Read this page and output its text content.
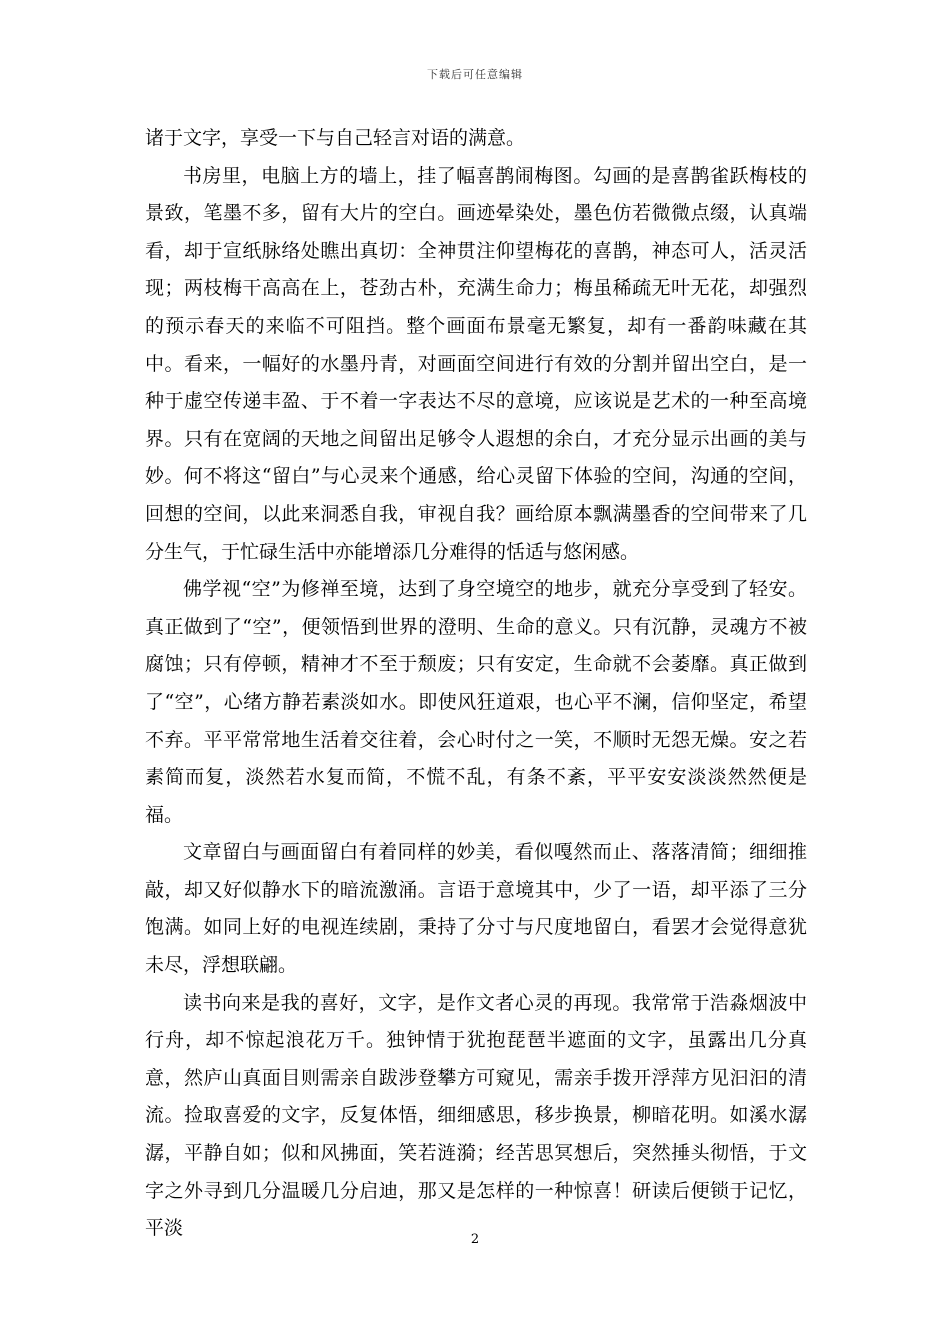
下载后可任意编辑

诸于文字，享受一下与自己轻言对语的满意。

书房里，电脑上方的墙上，挂了幅喜鹊闹梅图。勾画的是喜鹊雀跃梅枝的景致，笔墨不多，留有大片的空白。画迹晕染处，墨色仿若微微点缀，认真端看，却于宣纸脉络处瞧出真切：全神贯注仰望梅花的喜鹊，神态可人，活灵活现；两枝梅干高高在上，苍劲古朴，充满生命力；梅虽稀疏无叶无花，却强烈的预示春天的来临不可阻挡。整个画面布景毫无繁复，却有一番韵味藏在其中。看来，一幅好的水墨丹青，对画面空间进行有效的分割并留出空白，是一种于虚空传递丰盈、于不着一字表达不尽的意境，应该说是艺术的一种至高境界。只有在宽阔的天地之间留出足够令人遐想的余白，才充分显示出画的美与妙。何不将这“留白”与心灵来个通感，给心灵留下体验的空间，沟通的空间，回想的空间，以此来洞悉自我，审视自我？画给原本飘满墨香的空间带来了几分生气，于忙碌生活中亦能增添几分难得的恬适与悠闲感。

佛学视“空”为修禅至境，达到了身空境空的地步，就充分享受到了轻安。真正做到了“空”，便领悟到世界的澄明、生命的意义。只有沉静，灵魂方不被腐蚀；只有停顿，精神才不至于颓废；只有安定，生命就不会萎靡。真正做到了“空”，心绪方静若素淡如水。即使风狂道艰，也心平不澜，信仰坚定，希望不弃。平平常常地生活着交往着，会心时付之一笑，不顺时无怨无燥。安之若素简而复，淡然若水复而简，不慌不乱，有条不紊，平平安安淡淡然然便是福。

文章留白与画面留白有着同样的妙美，看似嘎然而止、落落清简；细细推敲，却又好似静水下的暗流激涌。言语于意境其中，少了一语，却平添了三分饱满。如同上好的电视连续剧，秉持了分寸与尺度地留白，看罢才会觉得意犹未尽，浮想联翩。

读书向来是我的喜好，文字，是作文者心灵的再现。我常常于浩淼烟波中行舟，却不惊起浪花万千。独钟情于犹抱琵琶半遮面的文字，虽露出几分真意，然庐山真面目则需亲自跋涉登攀方可窥见，需亲手拨开浮萍方见汩汩的清流。捡取喜爱的文字，反复体悟，细细感思，移步换景，柳暗花明。如溪水潺潺，平静自如；似和风拂面，笑若涟漪；经苦思冥想后，突然捶头彻悟，于文字之外寻到几分温暖几分启迪，那又是怎样的一种惊喜！研读后便锁于记忆，平淡

2
